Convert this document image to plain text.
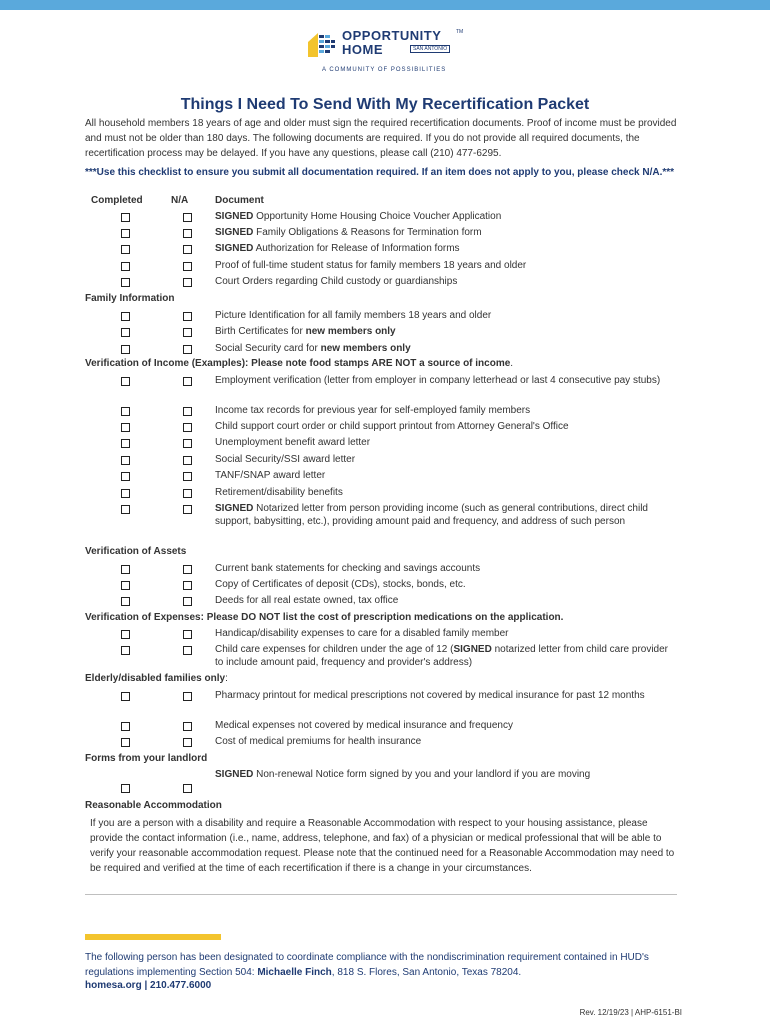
OPPORTUNITY
HOME	SAN ANTONIO
TM
A COMMUNITY OF POSSIBILITIES
Things I Need To Send With My Recertification Packet
All household members 18 years of age and older must sign the required recertification documents. Proof of income must be provided and must not be older than 180 days. The following documents are required. If you do not provide all required documents, the recertification process may be delayed. If you have any questions, please call (210) 477-6295.
***Use this checklist to ensure you submit all documentation required. If an item does not apply to you, please check N/A.***
Completed	N/A	Document
SIGNED Opportunity Home Housing Choice Voucher Application
SIGNED Family Obligations & Reasons for Termination form
SIGNED Authorization for Release of Information forms
Proof of full-time student status for family members 18 years and older
Court Orders regarding Child custody or guardianships
Family Information
Picture Identification for all family members 18 years and older
Birth Certificates for new members only
Social Security card for new members only
Verification of Income (Examples): Please note food stamps ARE NOT a source of income.
Employment verification (letter from employer in company letterhead or last 4 consecutive pay stubs)
Income tax records for previous year for self-employed family members
Child support court order or child support printout from Attorney General's Office
Unemployment benefit award letter
Social Security/SSI award letter
TANF/SNAP award letter
Retirement/disability benefits
SIGNED Notarized letter from person providing income (such as general contributions, direct child support, babysitting, etc.), providing amount paid and frequency, and address of such person
Verification of Assets
Current bank statements for checking and savings accounts
Copy of Certificates of deposit (CDs), stocks, bonds, etc.
Deeds for all real estate owned, tax office
Verification of Expenses: Please DO NOT list the cost of prescription medications on the application.
Handicap/disability expenses to care for a disabled family member
Child care expenses for children under the age of 12 (SIGNED notarized letter from child care provider to include amount paid, frequency and provider's address)
Elderly/disabled families only:
Pharmacy printout for medical prescriptions not covered by medical insurance for past 12 months
Medical expenses not covered by medical insurance and frequency
Cost of medical premiums for health insurance
Forms from your landlord
SIGNED Non-renewal Notice form signed by you and your landlord if you are moving
Reasonable Accommodation
If you are a person with a disability and require a Reasonable Accommodation with respect to your housing assistance, please provide the contact information (i.e., name, address, telephone, and fax) of a physician or medical professional that will be able to verify your reasonable accommodation request. Please note that the continued need for a Reasonable Accommodation may need to be required and verified at the time of each recertification if there is a change in your circumstances.
The following person has been designated to coordinate compliance with the nondiscrimination requirement contained in HUD's regulations implementing Section 504: Michaelle Finch, 818 S. Flores, San Antonio, Texas 78204.
homesa.org | 210.477.6000
Rev. 12/19/23 | AHP-6151-BI
